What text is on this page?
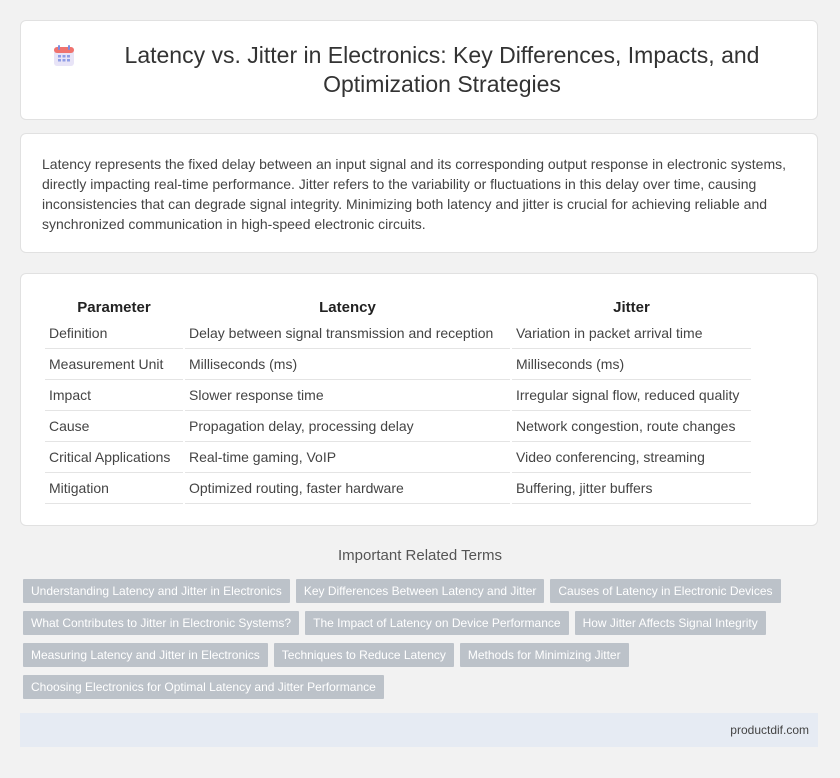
Latency vs. Jitter in Electronics: Key Differences, Impacts, and Optimization Strategies

Latency represents the fixed delay between an input signal and its corresponding output response in electronic systems, directly impacting real-time performance. Jitter refers to the variability or fluctuations in this delay over time, causing inconsistencies that can degrade signal integrity. Minimizing both latency and jitter is crucial for achieving reliable and synchronized communication in high-speed electronic circuits.

Parameter	Latency	Jitter
Definition	Delay between signal transmission and reception	Variation in packet arrival time
Measurement Unit	Milliseconds (ms)	Milliseconds (ms)
Impact	Slower response time	Irregular signal flow, reduced quality
Cause	Propagation delay, processing delay	Network congestion, route changes
Critical Applications	Real-time gaming, VoIP	Video conferencing, streaming
Mitigation	Optimized routing, faster hardware	Buffering, jitter buffers
Important Related Terms
Understanding Latency and Jitter in Electronics Key Differences Between Latency and Jitter Causes of Latency in Electronic Devices
What Contributes to Jitter in Electronic Systems? The Impact of Latency on Device Performance How Jitter Affects Signal Integrity
Measuring Latency and Jitter in Electronics Techniques to Reduce Latency Methods for Minimizing Jitter
Choosing Electronics for Optimal Latency and Jitter Performance
productdif.com
